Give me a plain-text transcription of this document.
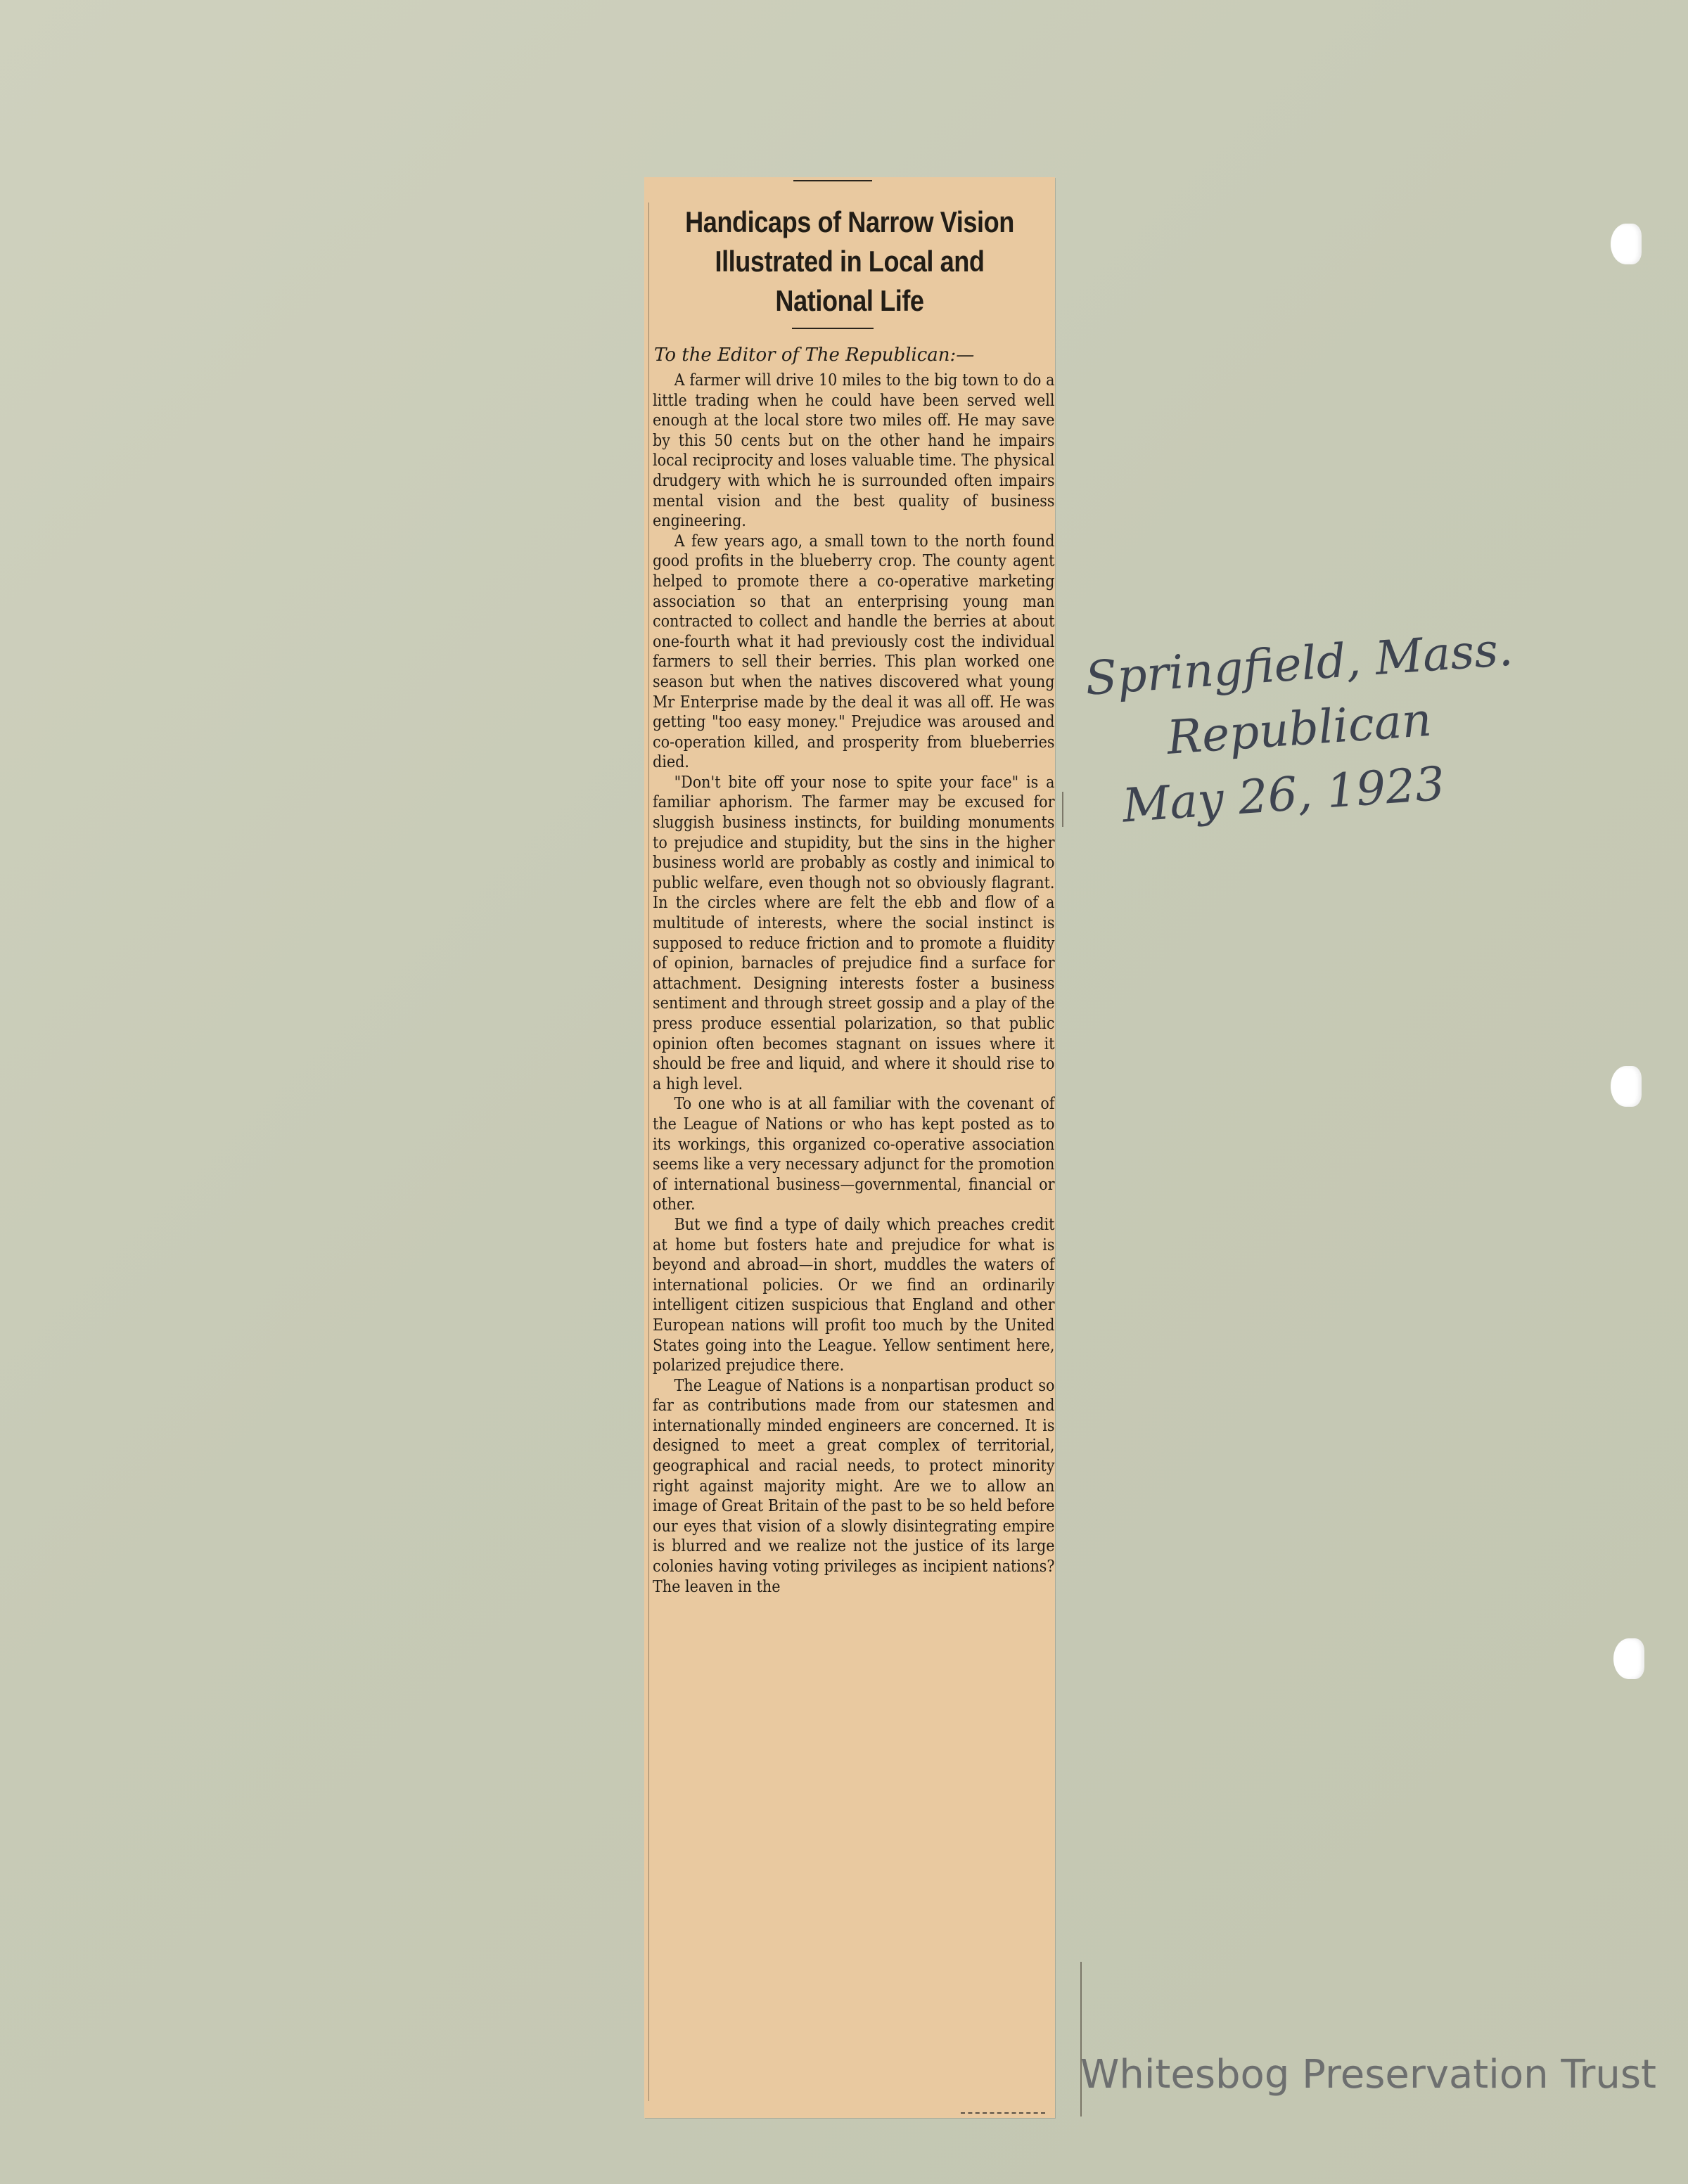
Handicaps of Narrow Vision Illustrated in Local and National Life
To the Editor of The Republican:—

A farmer will drive 10 miles to the big town to do a little trading when he could have been served well enough at the local store two miles off. He may save by this 50 cents but on the other hand he impairs local reciprocity and loses valuable time. The physical drudgery with which he is surrounded often impairs mental vision and the best quality of business engineering.

A few years ago, a small town to the north found good profits in the blueberry crop. The county agent helped to promote there a co-operative marketing association so that an enterprising young man contracted to collect and handle the berries at about one-fourth what it had previously cost the individual farmers to sell their berries. This plan worked one season but when the natives discovered what young Mr Enterprise made by the deal it was all off. He was getting "too easy money." Prejudice was aroused and co-operation killed, and prosperity from blueberries died.

"Don't bite off your nose to spite your face" is a familiar aphorism. The farmer may be excused for sluggish business instincts, for building monuments to prejudice and stupidity, but the sins in the higher business world are probably as costly and inimical to public welfare, even though not so obviously flagrant. In the circles where are felt the ebb and flow of a multitude of interests, where the social instinct is supposed to reduce friction and to promote a fluidity of opinion, barnacles of prejudice find a surface for attachment. Designing interests foster a business sentiment and through street gossip and a play of the press produce essential polarization, so that public opinion often becomes stagnant on issues where it should be free and liquid, and where it should rise to a high level.

To one who is at all familiar with the covenant of the League of Nations or who has kept posted as to its workings, this organized co-operative association seems like a very necessary adjunct for the promotion of international business—governmental, financial or other.

But we find a type of daily which preaches credit at home but fosters hate and prejudice for what is beyond and abroad—in short, muddles the waters of international policies. Or we find an ordinarily intelligent citizen suspicious that England and other European nations will profit too much by the United States going into the League. Yellow sentiment here, polarized prejudice there.

The League of Nations is a nonpartisan product so far as contributions made from our statesmen and internationally minded engineers are concerned. It is designed to meet a great complex of territorial, geographical and racial needs, to protect minority right against majority might. Are we to allow an image of Great Britain of the past to be so held before our eyes that vision of a slowly disintegrating empire is blurred and we realize not the justice of its large colonies having voting privileges as incipient nations? The leaven in the

Springfield, Mass.
Republican
May 26, 1923
Whitesbog Preservation Trust
